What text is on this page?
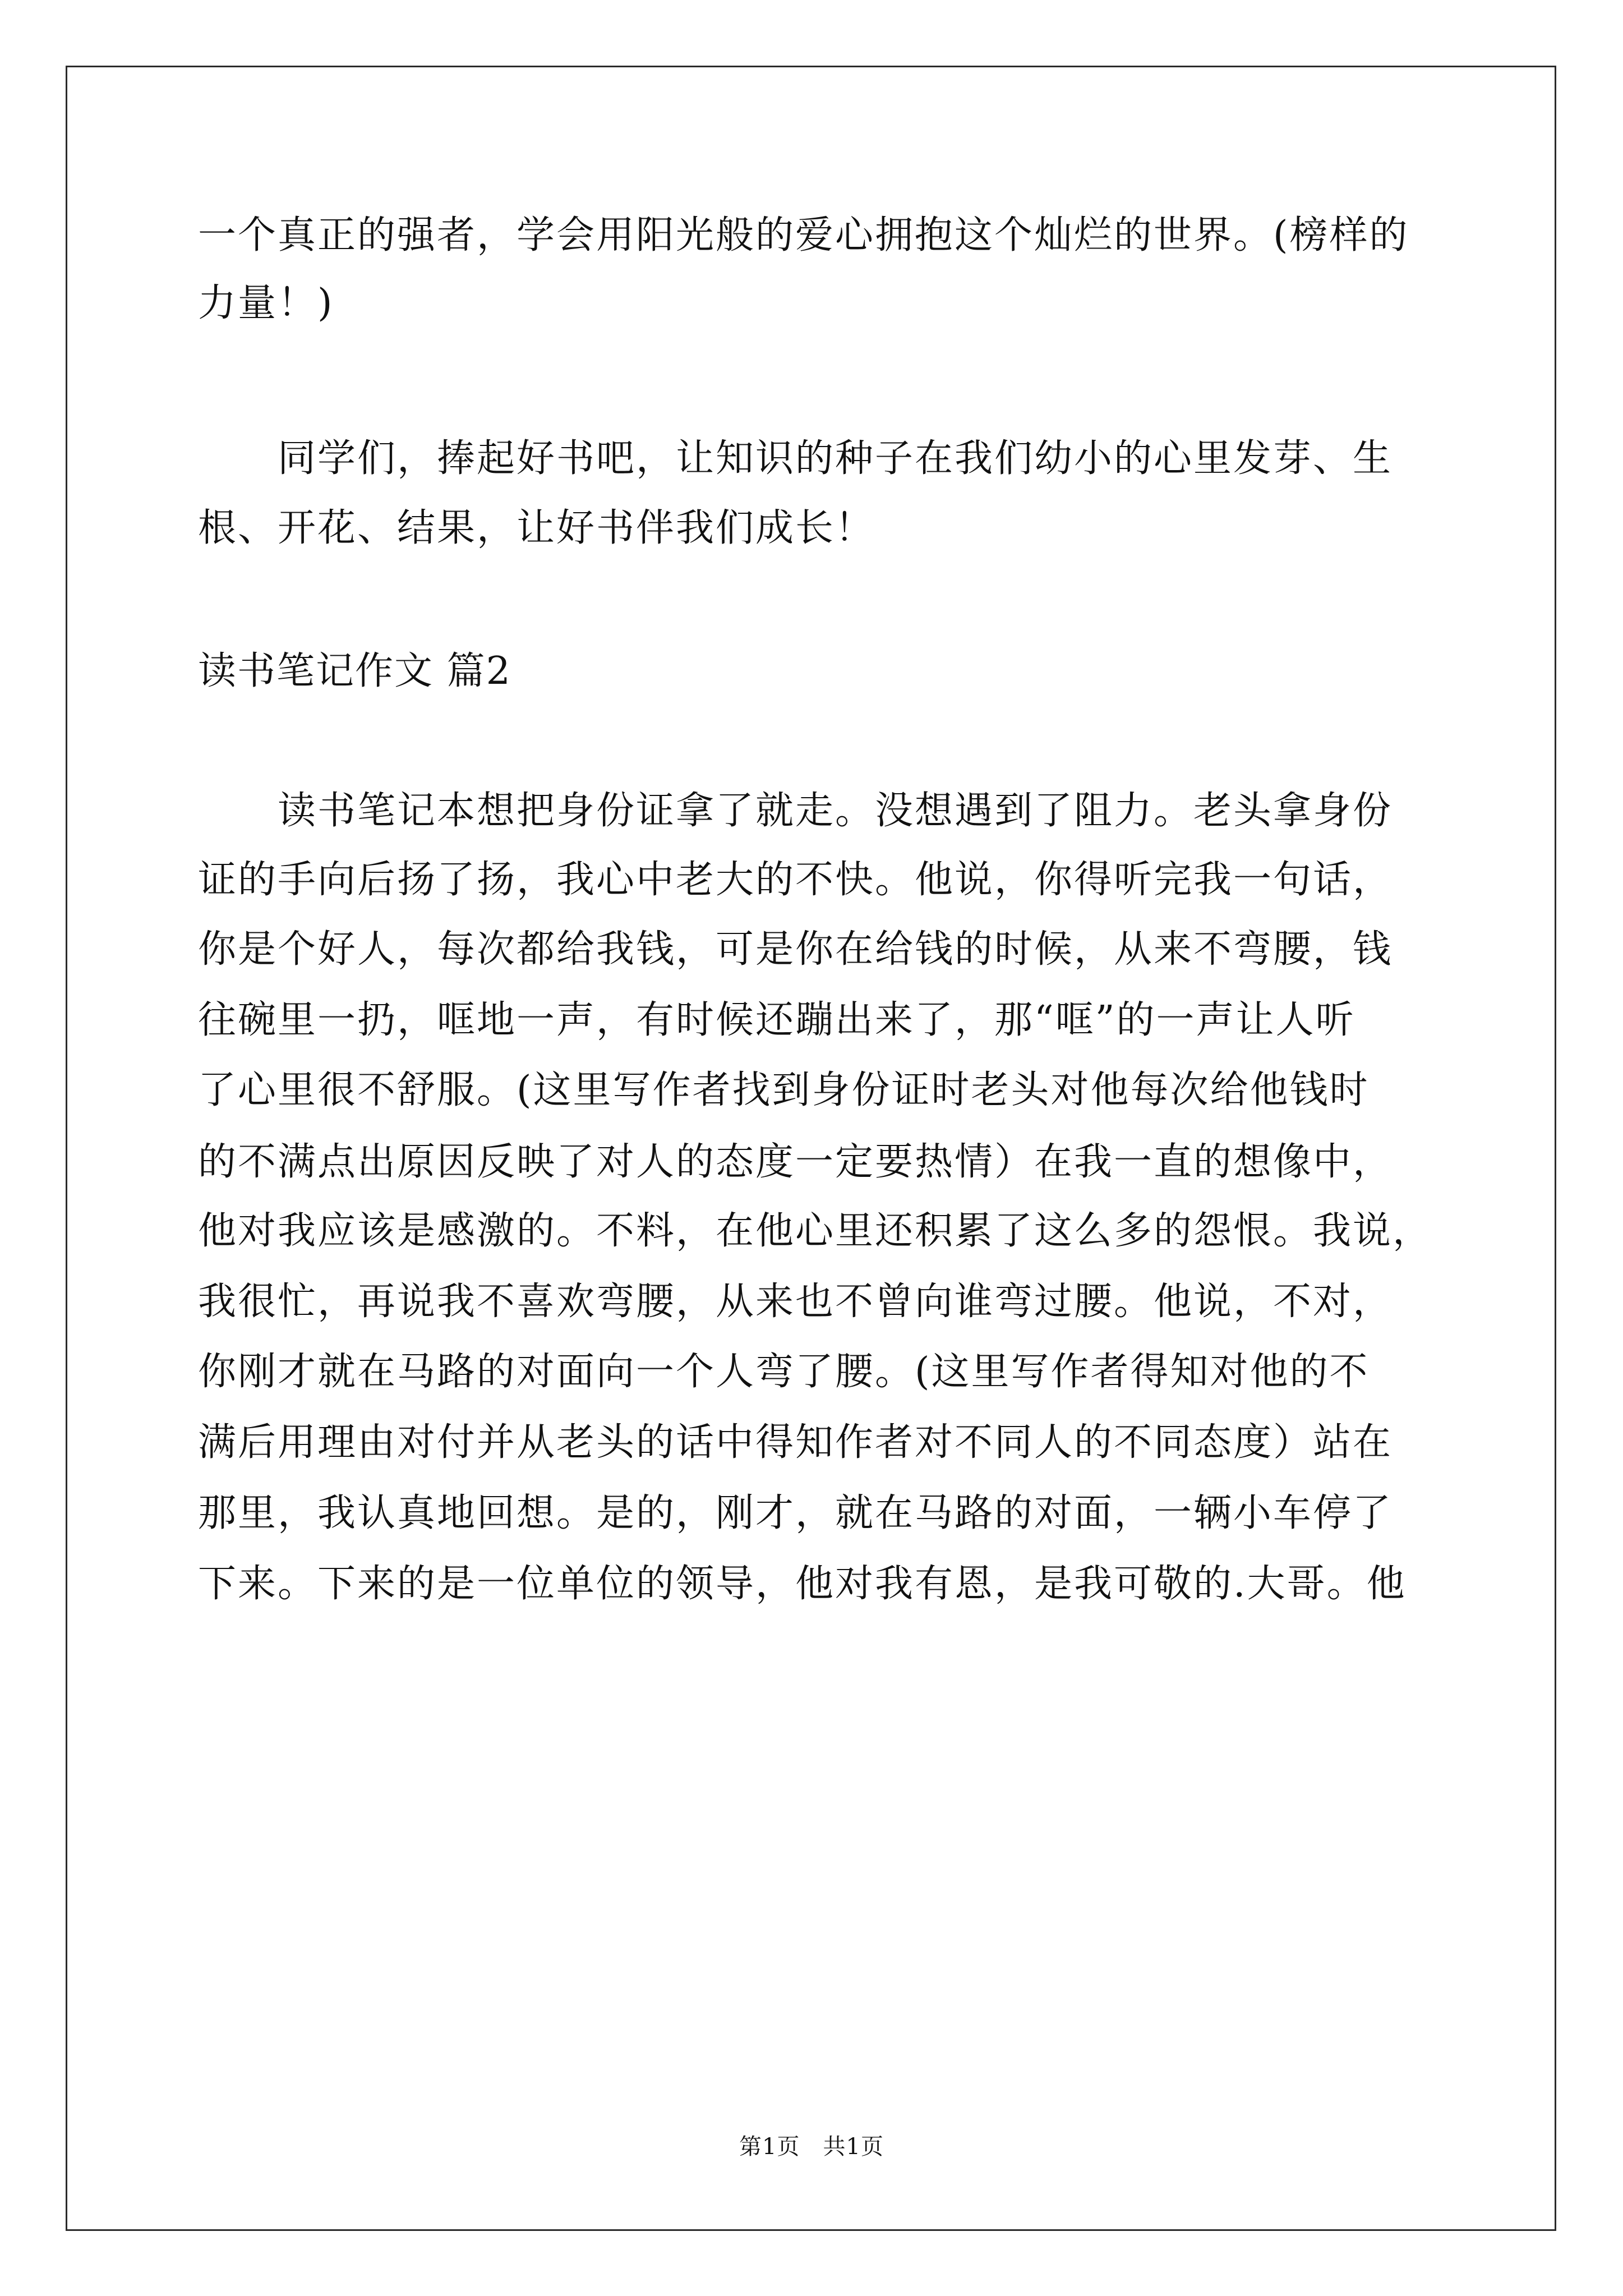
一个真正的强者，学会用阳光般的爱心拥抱这个灿烂的世界。(榜样的
力量！)
　　同学们，捧起好书吧，让知识的种子在我们幼小的心里发芽、生
根、开花、结果，让好书伴我们成长！
读书笔记作文 篇2
　　读书笔记本想把身份证拿了就走。没想遇到了阻力。老头拿身份
证的手向后扬了扬，我心中老大的不快。他说，你得听完我一句话，
你是个好人，每次都给我钱，可是你在给钱的时候，从来不弯腰，钱
往碗里一扔，哐地一声，有时候还蹦出来了，那“哐”的一声让人听
了心里很不舒服。(这里写作者找到身份证时老头对他每次给他钱时
的不满点出原因反映了对人的态度一定要热情）在我一直的想像中，
他对我应该是感激的。不料，在他心里还积累了这么多的怨恨。我说，
我很忙，再说我不喜欢弯腰，从来也不曾向谁弯过腰。他说，不对，
你刚才就在马路的对面向一个人弯了腰。(这里写作者得知对他的不
满后用理由对付并从老头的话中得知作者对不同人的不同态度）站在
那里，我认真地回想。是的，刚才，就在马路的对面，一辆小车停了
下来。下来的是一位单位的领导，他对我有恩，是我可敬的.大哥。他
第1页　共1页
